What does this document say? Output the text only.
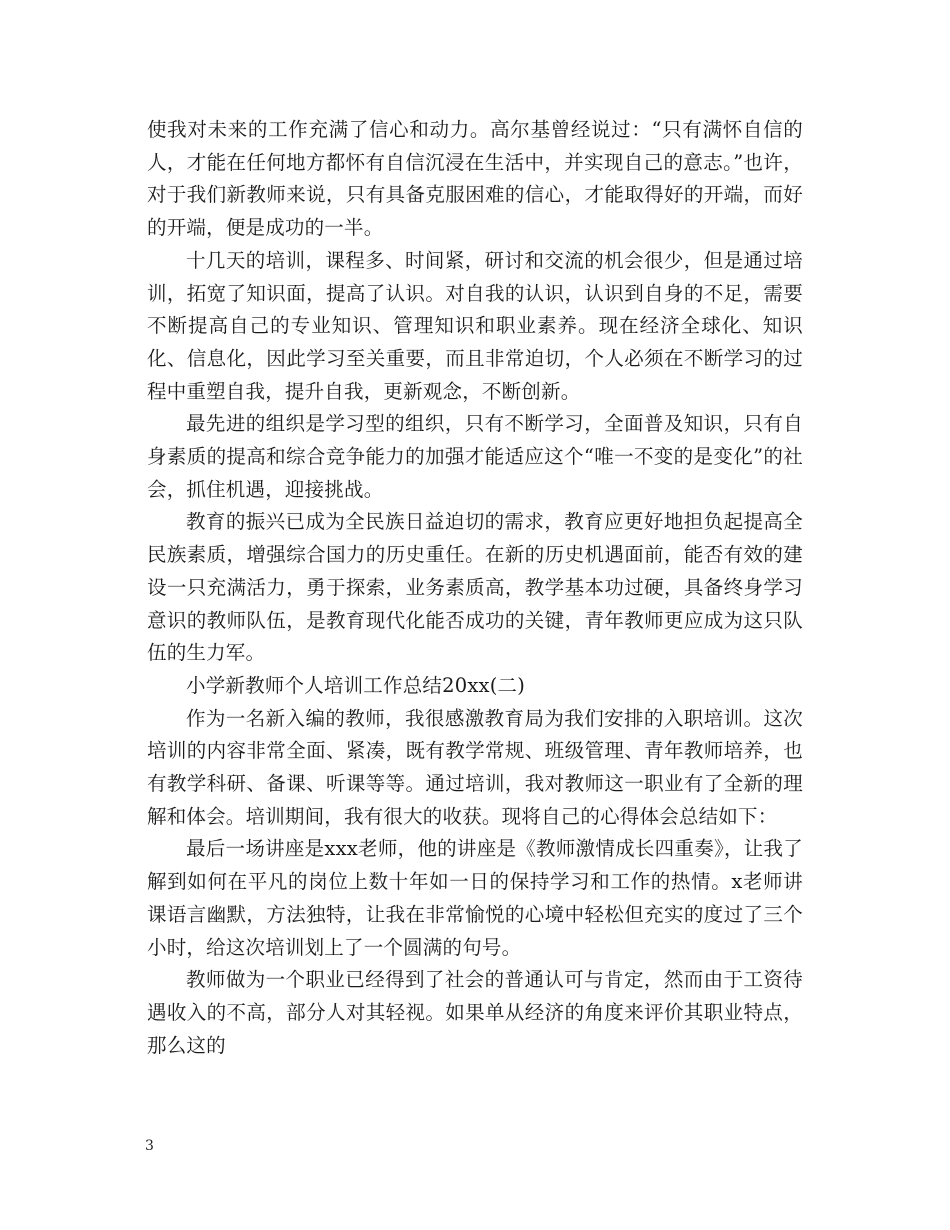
使我对未来的工作充满了信心和动力。高尔基曾经说过：“只有满怀自信的人，才能在任何地方都怀有自信沉浸在生活中，并实现自己的意志。”也许，对于我们新教师来说，只有具备克服困难的信心，才能取得好的开端，而好的开端，便是成功的一半。

十几天的培训，课程多、时间紧，研讨和交流的机会很少，但是通过培训，拓宽了知识面，提高了认识。对自我的认识，认识到自身的不足，需要不断提高自己的专业知识、管理知识和职业素养。现在经济全球化、知识化、信息化，因此学习至关重要，而且非常迫切，个人必须在不断学习的过程中重塑自我，提升自我，更新观念，不断创新。

最先进的组织是学习型的组织，只有不断学习，全面普及知识，只有自身素质的提高和综合竞争能力的加强才能适应这个“唯一不变的是变化”的社会，抓住机遇，迎接挑战。

教育的振兴已成为全民族日益迫切的需求，教育应更好地担负起提高全民族素质，增强综合国力的历史重任。在新的历史机遇面前，能否有效的建设一只充满活力，勇于探索，业务素质高，教学基本功过硬，具备终身学习意识的教师队伍，是教育现代化能否成功的关键，青年教师更应成为这只队伍的生力军。

小学新教师个人培训工作总结20xx(二)

作为一名新入编的教师，我很感激教育局为我们安排的入职培训。这次培训的内容非常全面、紧凑，既有教学常规、班级管理、青年教师培养，也有教学科研、备课、听课等等。通过培训，我对教师这一职业有了全新的理解和体会。培训期间，我有很大的收获。现将自己的心得体会总结如下：

最后一场讲座是xxx老师，他的讲座是《教师激情成长四重奏》，让我了解到如何在平凡的岗位上数十年如一日的保持学习和工作的热情。x老师讲课语言幽默，方法独特，让我在非常愉悦的心境中轻松但充实的度过了三个小时，给这次培训划上了一个圆满的句号。

教师做为一个职业已经得到了社会的普通认可与肯定，然而由于工资待遇收入的不高，部分人对其轻视。如果单从经济的角度来评价其职业特点，那么这的

3
